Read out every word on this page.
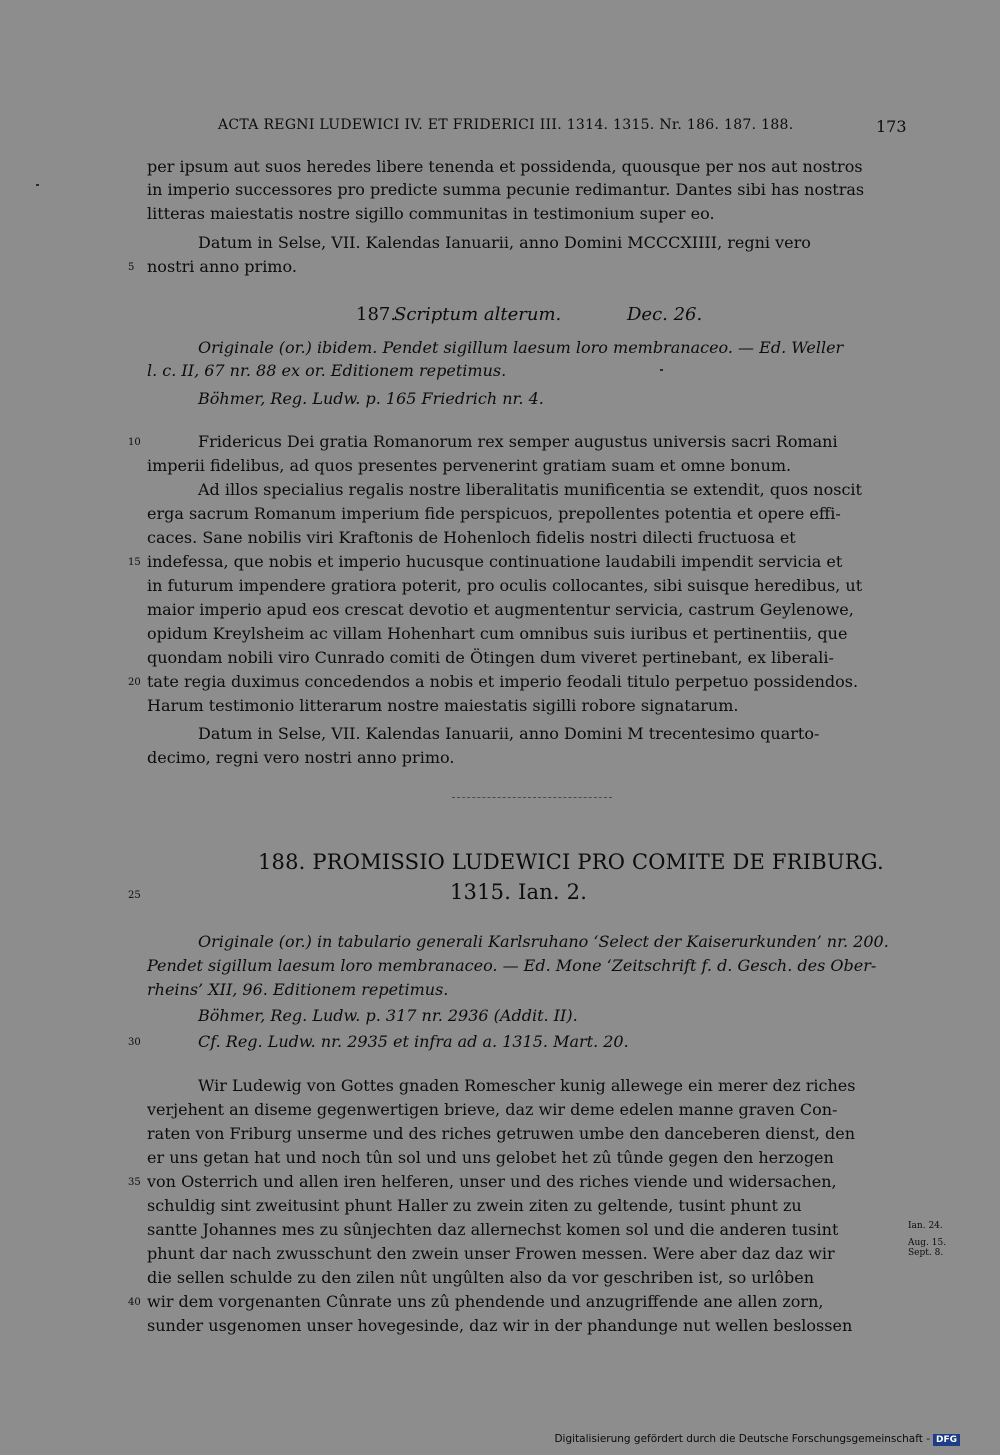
ACTA REGNI LUDEWICI IV. ET FRIDERICI III. 1314. 1315. Nr. 186. 187. 188.	173
per ipsum aut suos heredes libere tenenda et possidenda, quousque per nos aut nostros
in imperio successores pro predicte summa pecunie redimantur. Dantes sibi has nostras
litteras maiestatis nostre sigillo communitas in testimonium super eo.
Datum in Selse, VII. Kalendas Ianuarii, anno Domini MCCCXIIII, regni vero
nostri anno primo.
5
187.
Scriptum alterum.	Dec. 26.
Originale (or.) ibidem. Pendet sigillum laesum loro membranaceo. — Ed. Weller
l. c. II, 67 nr. 88 ex or. Editionem repetimus.
Böhmer, Reg. Ludw. p. 165 Friedrich nr. 4.
10	Fridericus Dei gratia Romanorum rex semper augustus universis sacri Romani
imperii fidelibus, ad quos presentes pervenerint gratiam suam et omne bonum.
Ad illos specialius regalis nostre liberalitatis munificentia se extendit, quos noscit
erga sacrum Romanum imperium fide perspicuos, prepollentes potentia et opere effi-
caces. Sane nobilis viri Kraftonis de Hohenloch fidelis nostri dilecti fructuosa et
15 indefessa, que nobis et imperio hucusque continuatione laudabili impendit servicia et
in futurum impendere gratiora poterit, pro oculis collocantes, sibi suisque heredibus, ut
maior imperio apud eos crescat devotio et augmententur servicia, castrum Geylenowe,
opidum Kreylsheim ac villam Hohenhart cum omnibus suis iuribus et pertinentiis, que
quondam nobili viro Cunrado comiti de Ötingen dum viveret pertinebant, ex liberali-
20 tate regia duximus concedendos a nobis et imperio feodali titulo perpetuo possidendos.
Harum testimonio litterarum nostre maiestatis sigilli robore signatarum.
Datum in Selse, VII. Kalendas Ianuarii, anno Domini M trecentesimo quarto-
decimo, regni vero nostri anno primo.
188. PROMISSIO LUDEWICI PRO COMITE DE FRIBURG.
25	1315. Ian. 2.
Originale (or.) in tabulario generali Karlsruhano ‘Select der Kaiserurkunden’ nr. 200.
Pendet sigillum laesum loro membranaceo. — Ed. Mone ‘Zeitschrift f. d. Gesch. des Ober-
rheins’ XII, 96. Editionem repetimus.
Böhmer, Reg. Ludw. p. 317 nr. 2936 (Addit. II).
30	Cf. Reg. Ludw. nr. 2935 et infra ad a. 1315. Mart. 20.
Wir Ludewig von Gottes gnaden Romescher kunig allewege ein merer dez riches
verjehent an diseme gegenwertigen brieve, daz wir deme edelen manne graven Con-
raten von Friburg unserme und des riches getruwen umbe den danceberen dienst, den
er uns getan hat und noch tûn sol und uns gelobet het zû tûnde gegen den herzogen
35 von Osterrich und allen iren helferen, unser und des riches viende und widersachen,
schuldig sint zweitusint phunt Haller zu zwein ziten zu geltende, tusint phunt zu
santte Johannes mes zu sûnjechten daz allernechst komen sol und die anderen tusint	Ian. 24.
phunt dar nach zwusschunt den zwein unser Frowen messen. Were aber daz daz wir
Aug. 15.
Sept. 8.
die sellen schulde zu den zilen nût ungûlten also da vor geschriben ist, so urlôben
40 wir dem vorgenanten Cûnrate uns zû phendende und anzugriffende ane allen zorn,
sunder usgenomen unser hovegesinde, daz wir in der phandunge nut wellen beslossen
Digitalisierung gefördert durch die Deutsche Forschungsgemeinschaft - DFG
